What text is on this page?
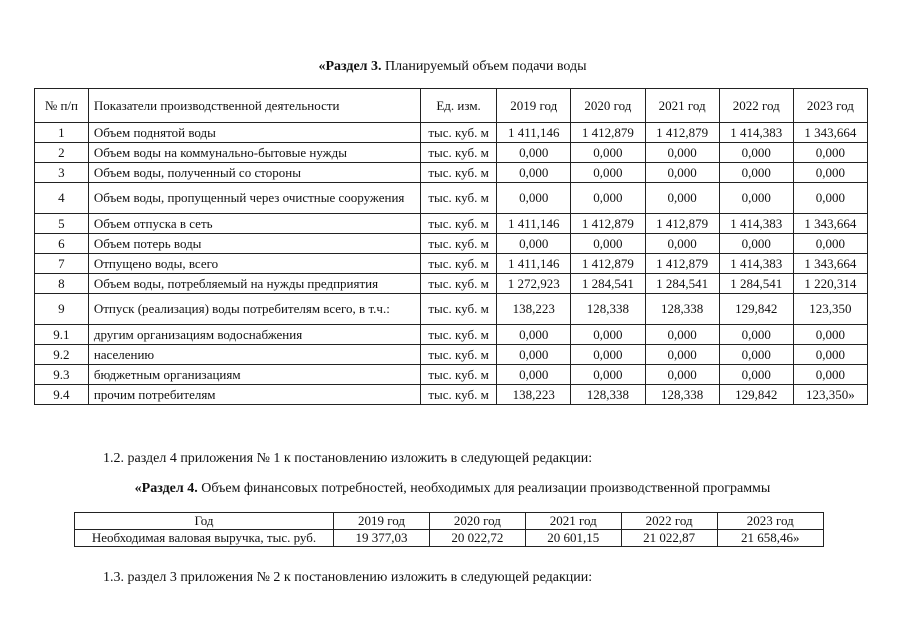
«Раздел 3. Планируемый объем подачи воды
№ п/п	Показатели производственной деятельности	Ед. изм.	2019 год	2020 год	2021 год	2022 год	2023 год
1	Объем поднятой воды	тыс. куб. м	1 411,146	1 412,879	1 412,879	1 414,383	1 343,664
2	Объем воды на коммунально-бытовые нужды	тыс. куб. м	0,000	0,000	0,000	0,000	0,000
3	Объем воды, полученный со стороны	тыс. куб. м	0,000	0,000	0,000	0,000	0,000
4	Объем воды, пропущенный через очистные сооружения	тыс. куб. м	0,000	0,000	0,000	0,000	0,000
5	Объем отпуска в сеть	тыс. куб. м	1 411,146	1 412,879	1 412,879	1 414,383	1 343,664
6	Объем потерь воды	тыс. куб. м	0,000	0,000	0,000	0,000	0,000
7	Отпущено воды, всего	тыс. куб. м	1 411,146	1 412,879	1 412,879	1 414,383	1 343,664
8	Объем воды, потребляемый на нужды предприятия	тыс. куб. м	1 272,923	1 284,541	1 284,541	1 284,541	1 220,314
9	Отпуск (реализация) воды потребителям всего, в т.ч.:	тыс. куб. м	138,223	128,338	128,338	129,842	123,350
9.1	другим организациям водоснабжения	тыс. куб. м	0,000	0,000	0,000	0,000	0,000
9.2	населению	тыс. куб. м	0,000	0,000	0,000	0,000	0,000
9.3	бюджетным организациям	тыс. куб. м	0,000	0,000	0,000	0,000	0,000
9.4	прочим потребителям	тыс. куб. м	138,223	128,338	128,338	129,842	123,350»
1.2. раздел 4 приложения № 1 к постановлению изложить в следующей редакции:
«Раздел 4. Объем финансовых потребностей, необходимых для реализации производственной программы
Год	2019 год	2020 год	2021 год	2022 год	2023 год
Необходимая валовая выручка, тыс. руб.	19 377,03	20 022,72	20 601,15	21 022,87	21 658,46»
1.3. раздел 3 приложения № 2 к постановлению изложить в следующей редакции:
